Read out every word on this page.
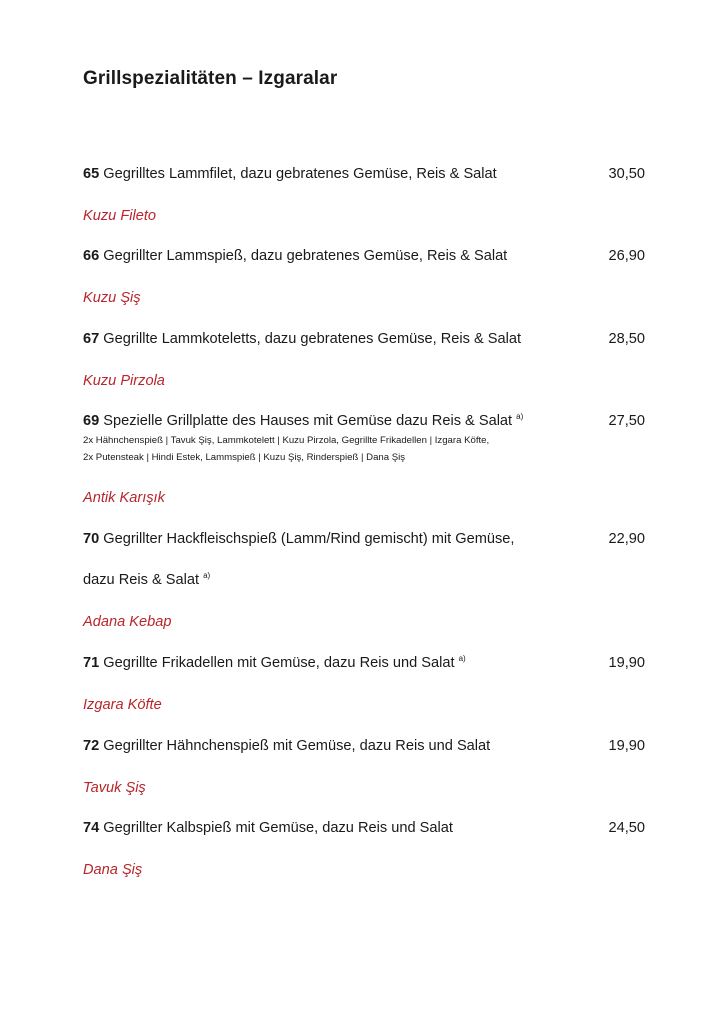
Grillspezialitäten – Izgaralar
65 Gegrilltes Lammfilet, dazu gebratenes Gemüse, Reis & Salat	30,50
Kuzu Fileto
66 Gegrillter Lammspieß, dazu gebratenes Gemüse, Reis & Salat	26,90
Kuzu Şiş
67 Gegrillte Lammkoteletts, dazu gebratenes Gemüse, Reis & Salat	28,50
Kuzu Pirzola
69 Spezielle Grillplatte des Hauses mit Gemüse dazu Reis & Salat $^{a)}$	27,50
2x Hähnchenspieß | Tavuk Şiş, Lammkotelett | Kuzu Pirzola, Gegrillte Frikadellen | Izgara Köfte,
2x Putensteak | Hindi Estek, Lammspieß | Kuzu Şiş, Rinderspieß | Dana Şiş
Antik Karışık
70 Gegrillter Hackfleischspieß (Lamm/Rind gemischt) mit Gemüse,	22,90
dazu Reis & Salat $^{a)}$
Adana Kebap
71 Gegrillte Frikadellen mit Gemüse, dazu Reis und Salat $^{a)}$	19,90
Izgara Köfte
72 Gegrillter Hähnchenspieß mit Gemüse, dazu Reis und Salat	19,90
Tavuk Şiş
74 Gegrillter Kalbspieß mit Gemüse, dazu Reis und Salat	24,50
Dana Şiş
